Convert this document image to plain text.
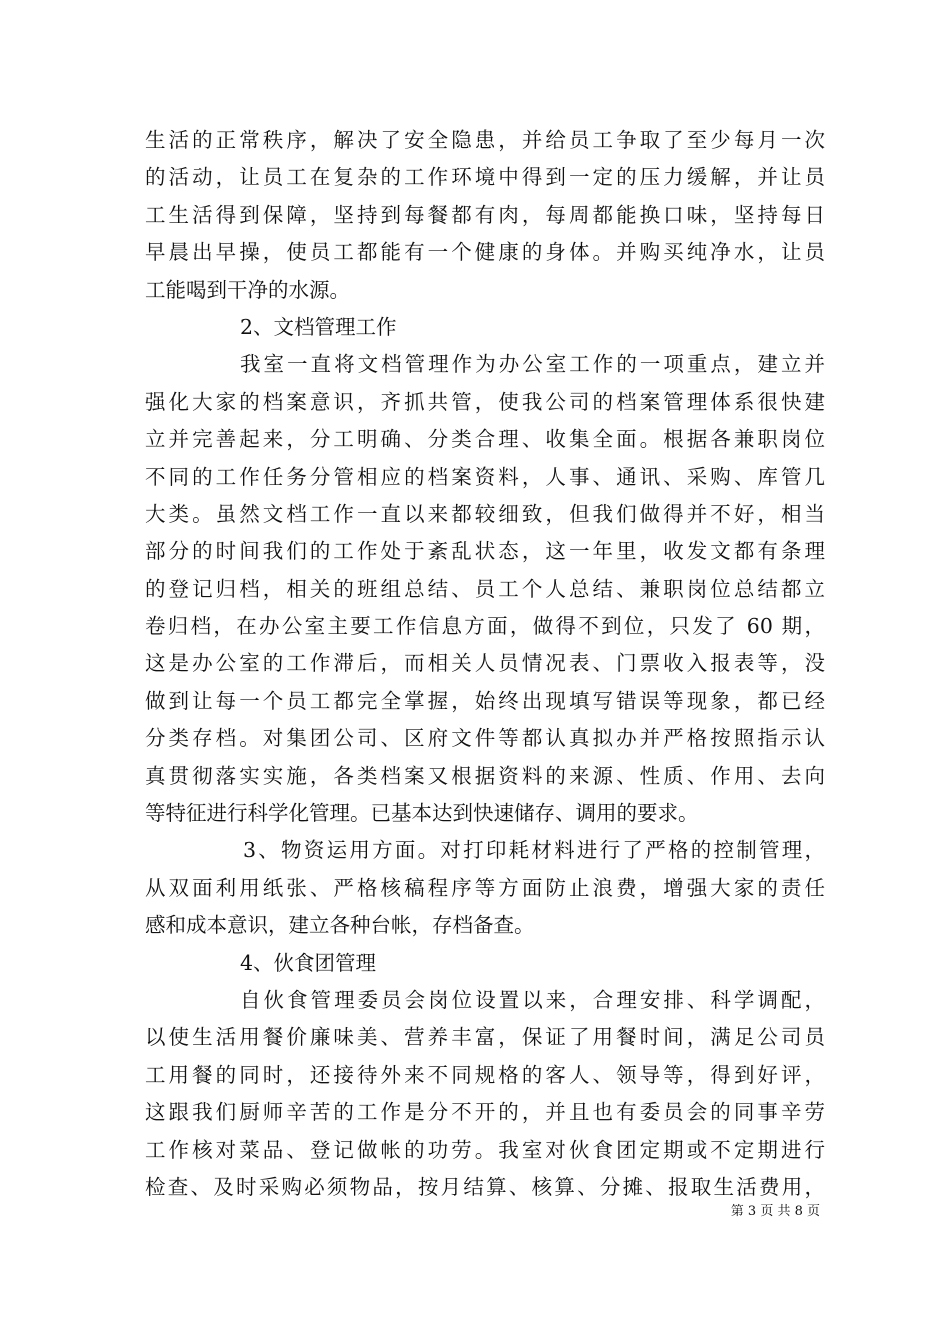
生活的正常秩序，解决了安全隐患，并给员工争取了至少每月一次
的活动，让员工在复杂的工作环境中得到一定的压力缓解，并让员
工生活得到保障，坚持到每餐都有肉，每周都能换口味，坚持每日
早晨出早操，使员工都能有一个健康的身体。并购买纯净水，让员
工能喝到干净的水源。
2、文档管理工作
我室一直将文档管理作为办公室工作的一项重点，建立并
强化大家的档案意识，齐抓共管，使我公司的档案管理体系很快建
立并完善起来，分工明确、分类合理、收集全面。根据各兼职岗位
不同的工作任务分管相应的档案资料，人事、通讯、采购、库管几
大类。虽然文档工作一直以来都较细致，但我们做得并不好，相当
部分的时间我们的工作处于紊乱状态，这一年里，收发文都有条理
的登记归档，相关的班组总结、员工个人总结、兼职岗位总结都立
卷归档，在办公室主要工作信息方面，做得不到位，只发了 60 期，
这是办公室的工作滞后，而相关人员情况表、门票收入报表等，没
做到让每一个员工都完全掌握，始终出现填写错误等现象，都已经
分类存档。对集团公司、区府文件等都认真拟办并严格按照指示认
真贯彻落实实施，各类档案又根据资料的来源、性质、作用、去向
等特征进行科学化管理。已基本达到快速储存、调用的要求。
3、物资运用方面。对打印耗材料进行了严格的控制管理，
从双面利用纸张、严格核稿程序等方面防止浪费，增强大家的责任
感和成本意识，建立各种台帐，存档备查。
4、伙食团管理
自伙食管理委员会岗位设置以来，合理安排、科学调配，
以使生活用餐价廉味美、营养丰富，保证了用餐时间，满足公司员
工用餐的同时，还接待外来不同规格的客人、领导等，得到好评，
这跟我们厨师辛苦的工作是分不开的，并且也有委员会的同事辛劳
工作核对菜品、登记做帐的功劳。我室对伙食团定期或不定期进行
检查、及时采购必须物品，按月结算、核算、分摊、报取生活费用，
第 3 页 共 8 页
